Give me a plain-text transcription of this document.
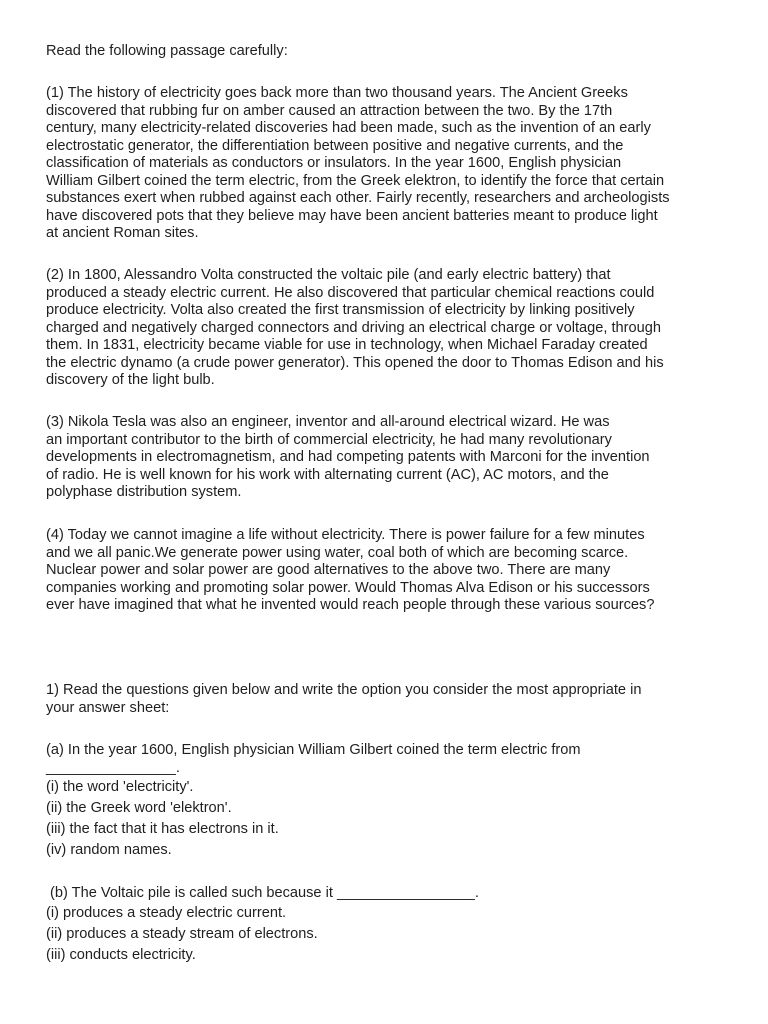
Read the following passage carefully:

(1) The history of electricity goes back more than two thousand years. The Ancient Greeks
discovered that rubbing fur on amber caused an attraction between the two. By the 17th
century, many electricity-related discoveries had been made, such as the invention of an early
electrostatic generator, the differentiation between positive and negative currents, and the
classification of materials as conductors or insulators. In the year 1600, English physician
William Gilbert coined the term electric, from the Greek elektron, to identify the force that certain
substances exert when rubbed against each other. Fairly recently, researchers and archeologists
have discovered pots that they believe may have been ancient batteries meant to produce light
at ancient Roman sites.
(2) In 1800, Alessandro Volta constructed the voltaic pile (and early electric battery) that
produced a steady electric current. He also discovered that particular chemical reactions could
produce electricity. Volta also created the first transmission of electricity by linking positively
charged and negatively charged connectors and driving an electrical charge or voltage, through
them. In 1831, electricity became viable for use in technology, when Michael Faraday created
the electric dynamo (a crude power generator). This opened the door to Thomas Edison and his
discovery of the light bulb.
(3) Nikola Tesla was also an engineer, inventor and all-around electrical wizard. He was
an important contributor to the birth of commercial electricity, he had many revolutionary
developments in electromagnetism, and had competing patents with Marconi for the invention
of radio. He is well known for his work with alternating current (AC), AC motors, and the
polyphase distribution system.
(4) Today we cannot imagine a life without electricity. There is power failure for a few minutes
and we all panic.We generate power using water, coal both of which are becoming scarce.
Nuclear power and solar power are good alternatives to the above two. There are many
companies working and promoting solar power. Would Thomas Alva Edison or his successors
ever have imagined that what he invented would reach people through these various sources?
1) Read the questions given below and write the option you consider the most appropriate in
your answer sheet:
(a) In the year 1600, English physician William Gilbert coined the term electric from
________________.
(i) the word 'electricity'.
(ii) the Greek word 'elektron'.
(iii) the fact that it has electrons in it.
(iv) random names.
(b) The Voltaic pile is called such because it _________________.
(i) produces a steady electric current.
(ii) produces a steady stream of electrons.
(iii) conducts electricity.
